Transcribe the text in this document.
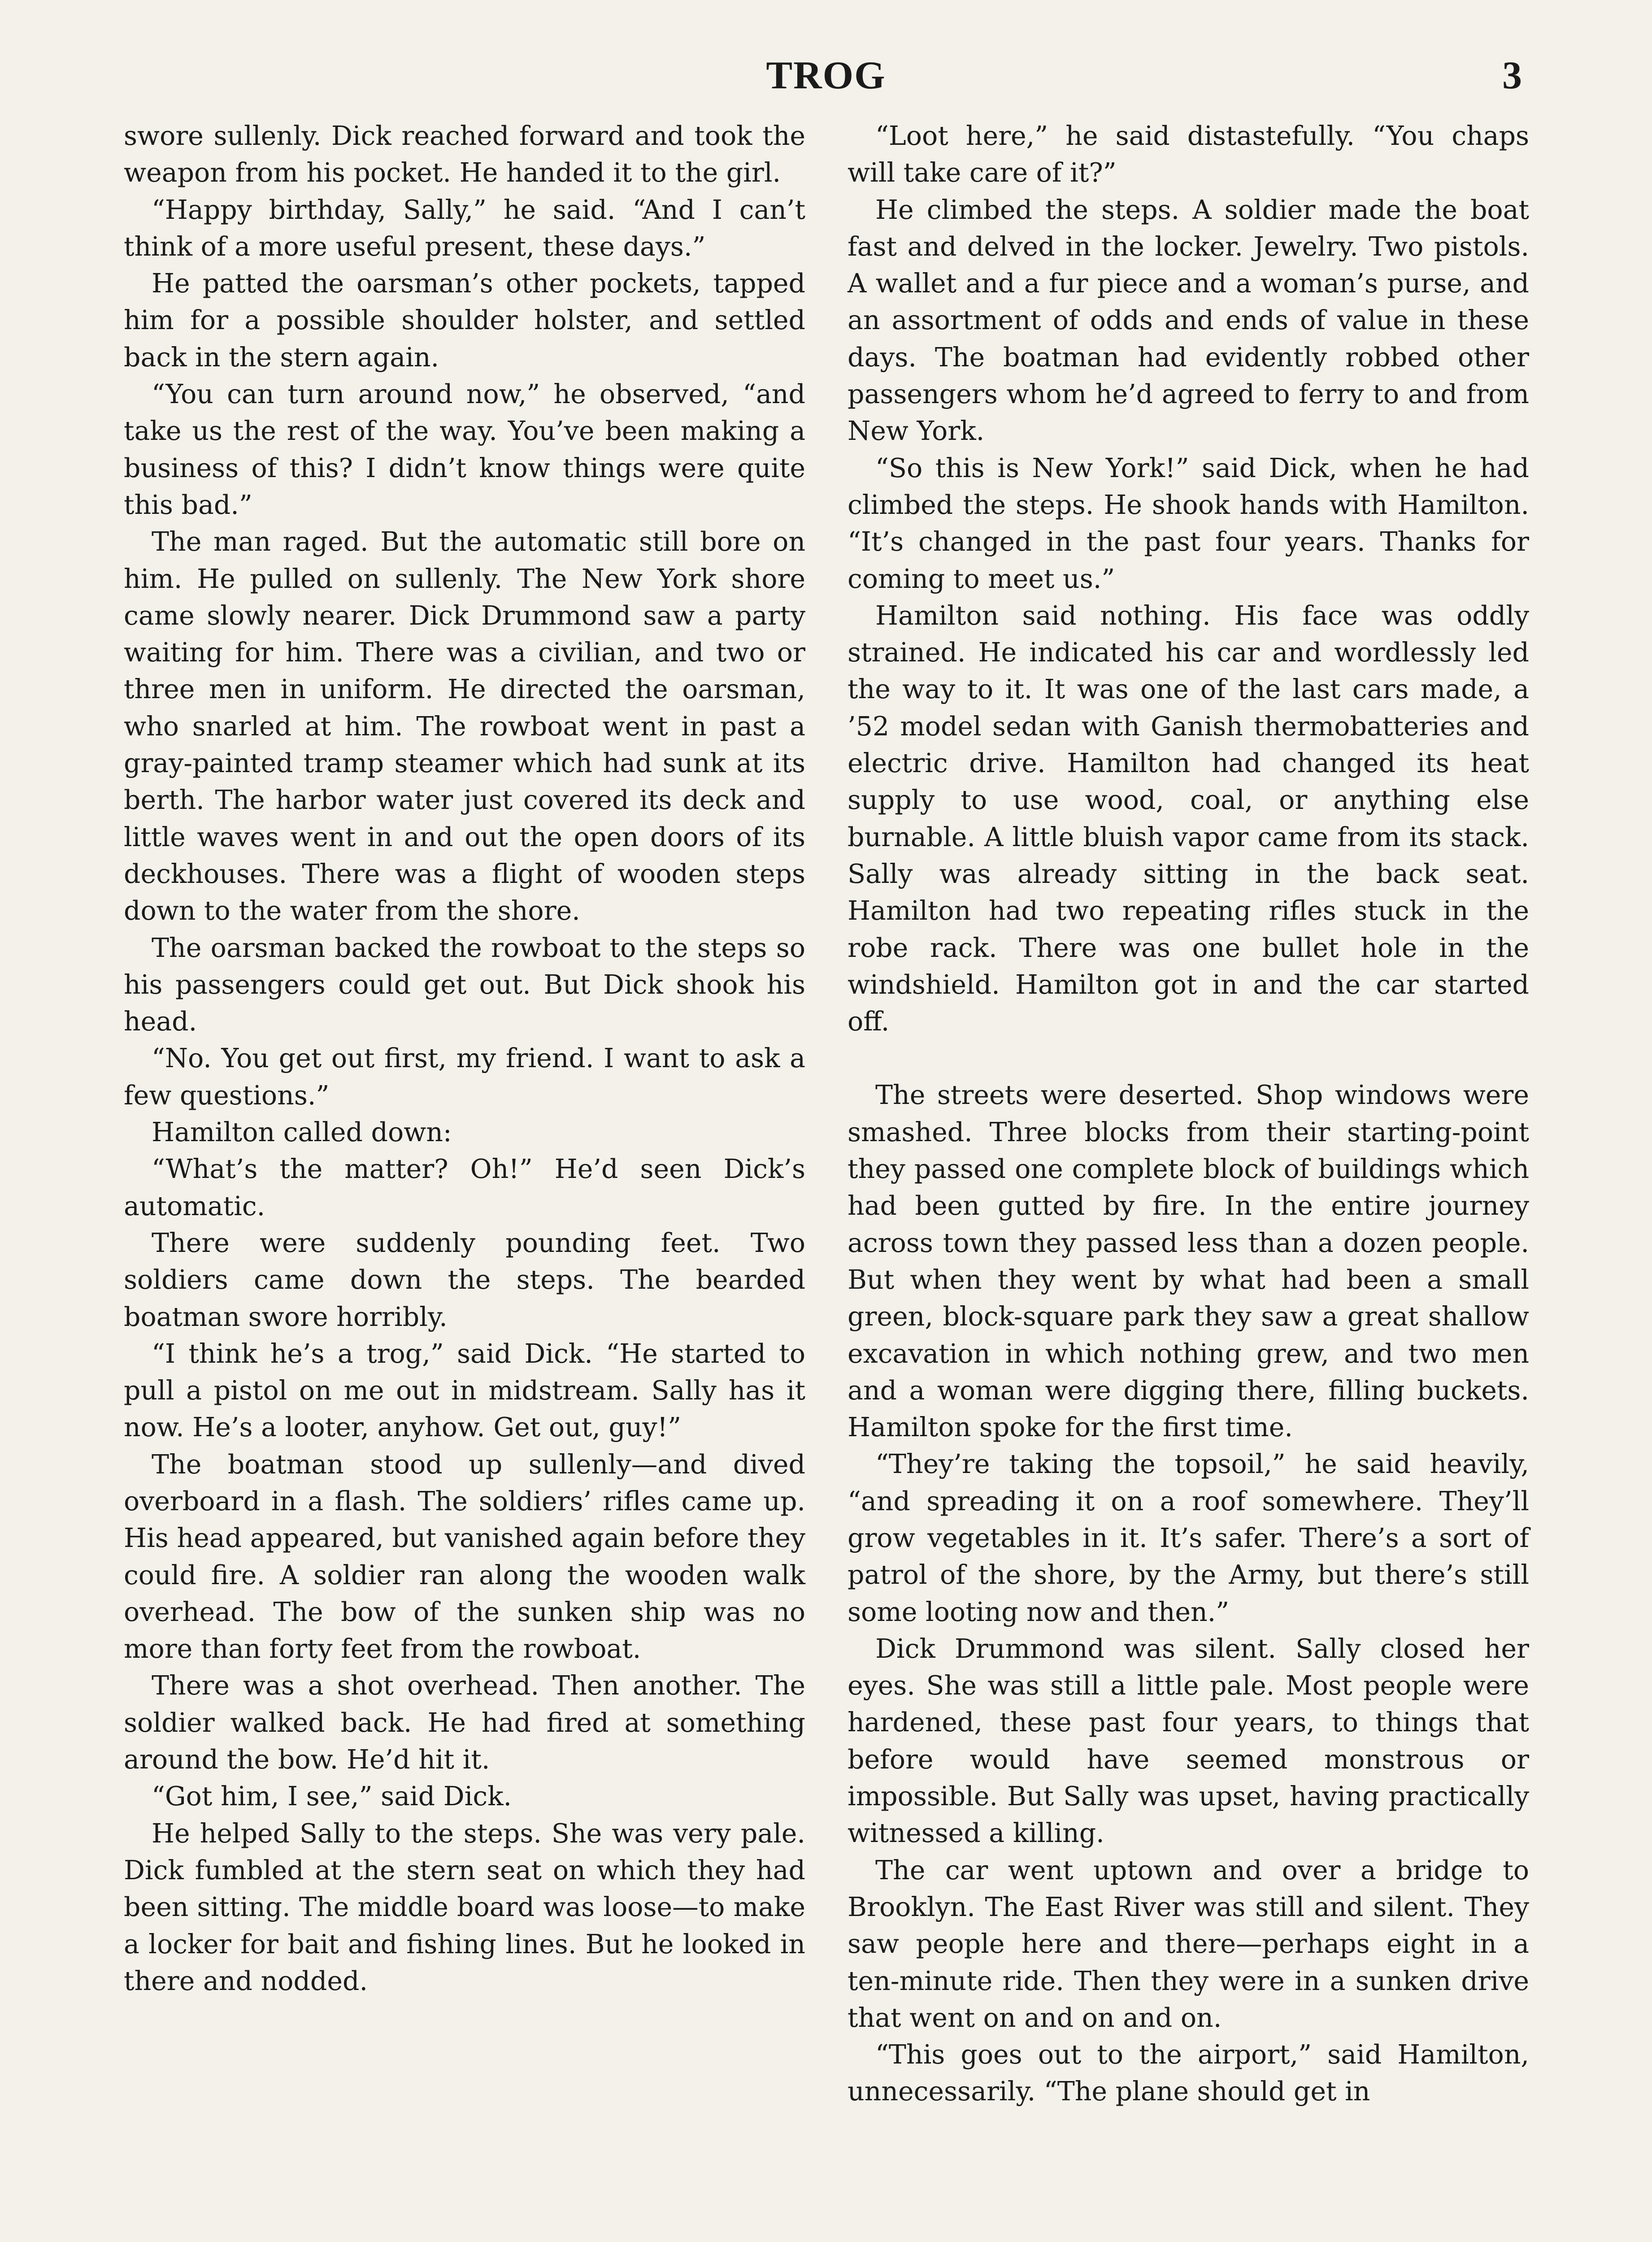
TROG	3

swore sullenly. Dick reached forward and took the weapon from his pocket. He handed it to the girl.

“Happy birthday, Sally,” he said. “And I can’t think of a more useful present, these days.”

He patted the oarsman’s other pockets, tapped him for a possible shoulder holster, and settled back in the stern again.

“You can turn around now,” he observed, “and take us the rest of the way. You’ve been making a business of this? I didn’t know things were quite this bad.”

The man raged. But the automatic still bore on him. He pulled on sullenly. The New York shore came slowly nearer. Dick Drummond saw a party waiting for him. There was a civilian, and two or three men in uniform. He directed the oarsman, who snarled at him. The rowboat went in past a gray-painted tramp steamer which had sunk at its berth. The harbor water just covered its deck and little waves went in and out the open doors of its deckhouses. There was a flight of wooden steps down to the water from the shore.

The oarsman backed the rowboat to the steps so his passengers could get out. But Dick shook his head.

“No. You get out first, my friend. I want to ask a few questions.”

Hamilton called down:

“What’s the matter? Oh!” He’d seen Dick’s automatic.

There were suddenly pounding feet. Two soldiers came down the steps. The bearded boatman swore horribly.

“I think he’s a trog,” said Dick. “He started to pull a pistol on me out in midstream. Sally has it now. He’s a looter, anyhow. Get out, guy!”

The boatman stood up sullenly—and dived overboard in a flash. The soldiers’ rifles came up. His head appeared, but vanished again before they could fire. A soldier ran along the wooden walk overhead. The bow of the sunken ship was no more than forty feet from the rowboat.

There was a shot overhead. Then another. The soldier walked back. He had fired at something around the bow. He’d hit it.

“Got him, I see,” said Dick.

He helped Sally to the steps. She was very pale. Dick fumbled at the stern seat on which they had been sitting. The middle board was loose—to make a locker for bait and fishing lines. But he looked in there and nodded.

“Loot here,” he said distastefully. “You chaps will take care of it?”

He climbed the steps. A soldier made the boat fast and delved in the locker. Jewelry. Two pistols. A wallet and a fur piece and a woman’s purse, and an assortment of odds and ends of value in these days. The boatman had evidently robbed other passengers whom he’d agreed to ferry to and from New York.

“So this is New York!” said Dick, when he had climbed the steps. He shook hands with Hamilton. “It’s changed in the past four years. Thanks for coming to meet us.”

Hamilton said nothing. His face was oddly strained. He indicated his car and wordlessly led the way to it. It was one of the last cars made, a ’52 model sedan with Ganish thermobatteries and electric drive. Hamilton had changed its heat supply to use wood, coal, or anything else burnable. A little bluish vapor came from its stack. Sally was already sitting in the back seat. Hamilton had two repeating rifles stuck in the robe rack. There was one bullet hole in the windshield. Hamilton got in and the car started off.

The streets were deserted. Shop windows were smashed. Three blocks from their starting-point they passed one complete block of buildings which had been gutted by fire. In the entire journey across town they passed less than a dozen people. But when they went by what had been a small green, block-square park they saw a great shallow excavation in which nothing grew, and two men and a woman were digging there, filling buckets. Hamilton spoke for the first time.

“They’re taking the topsoil,” he said heavily, “and spreading it on a roof somewhere. They’ll grow vegetables in it. It’s safer. There’s a sort of patrol of the shore, by the Army, but there’s still some looting now and then.”

Dick Drummond was silent. Sally closed her eyes. She was still a little pale. Most people were hardened, these past four years, to things that before would have seemed monstrous or impossible. But Sally was upset, having practically witnessed a killing.

The car went uptown and over a bridge to Brooklyn. The East River was still and silent. They saw people here and there—perhaps eight in a ten-minute ride. Then they were in a sunken drive that went on and on and on.

“This goes out to the airport,” said Hamilton, unnecessarily. “The plane should get in
